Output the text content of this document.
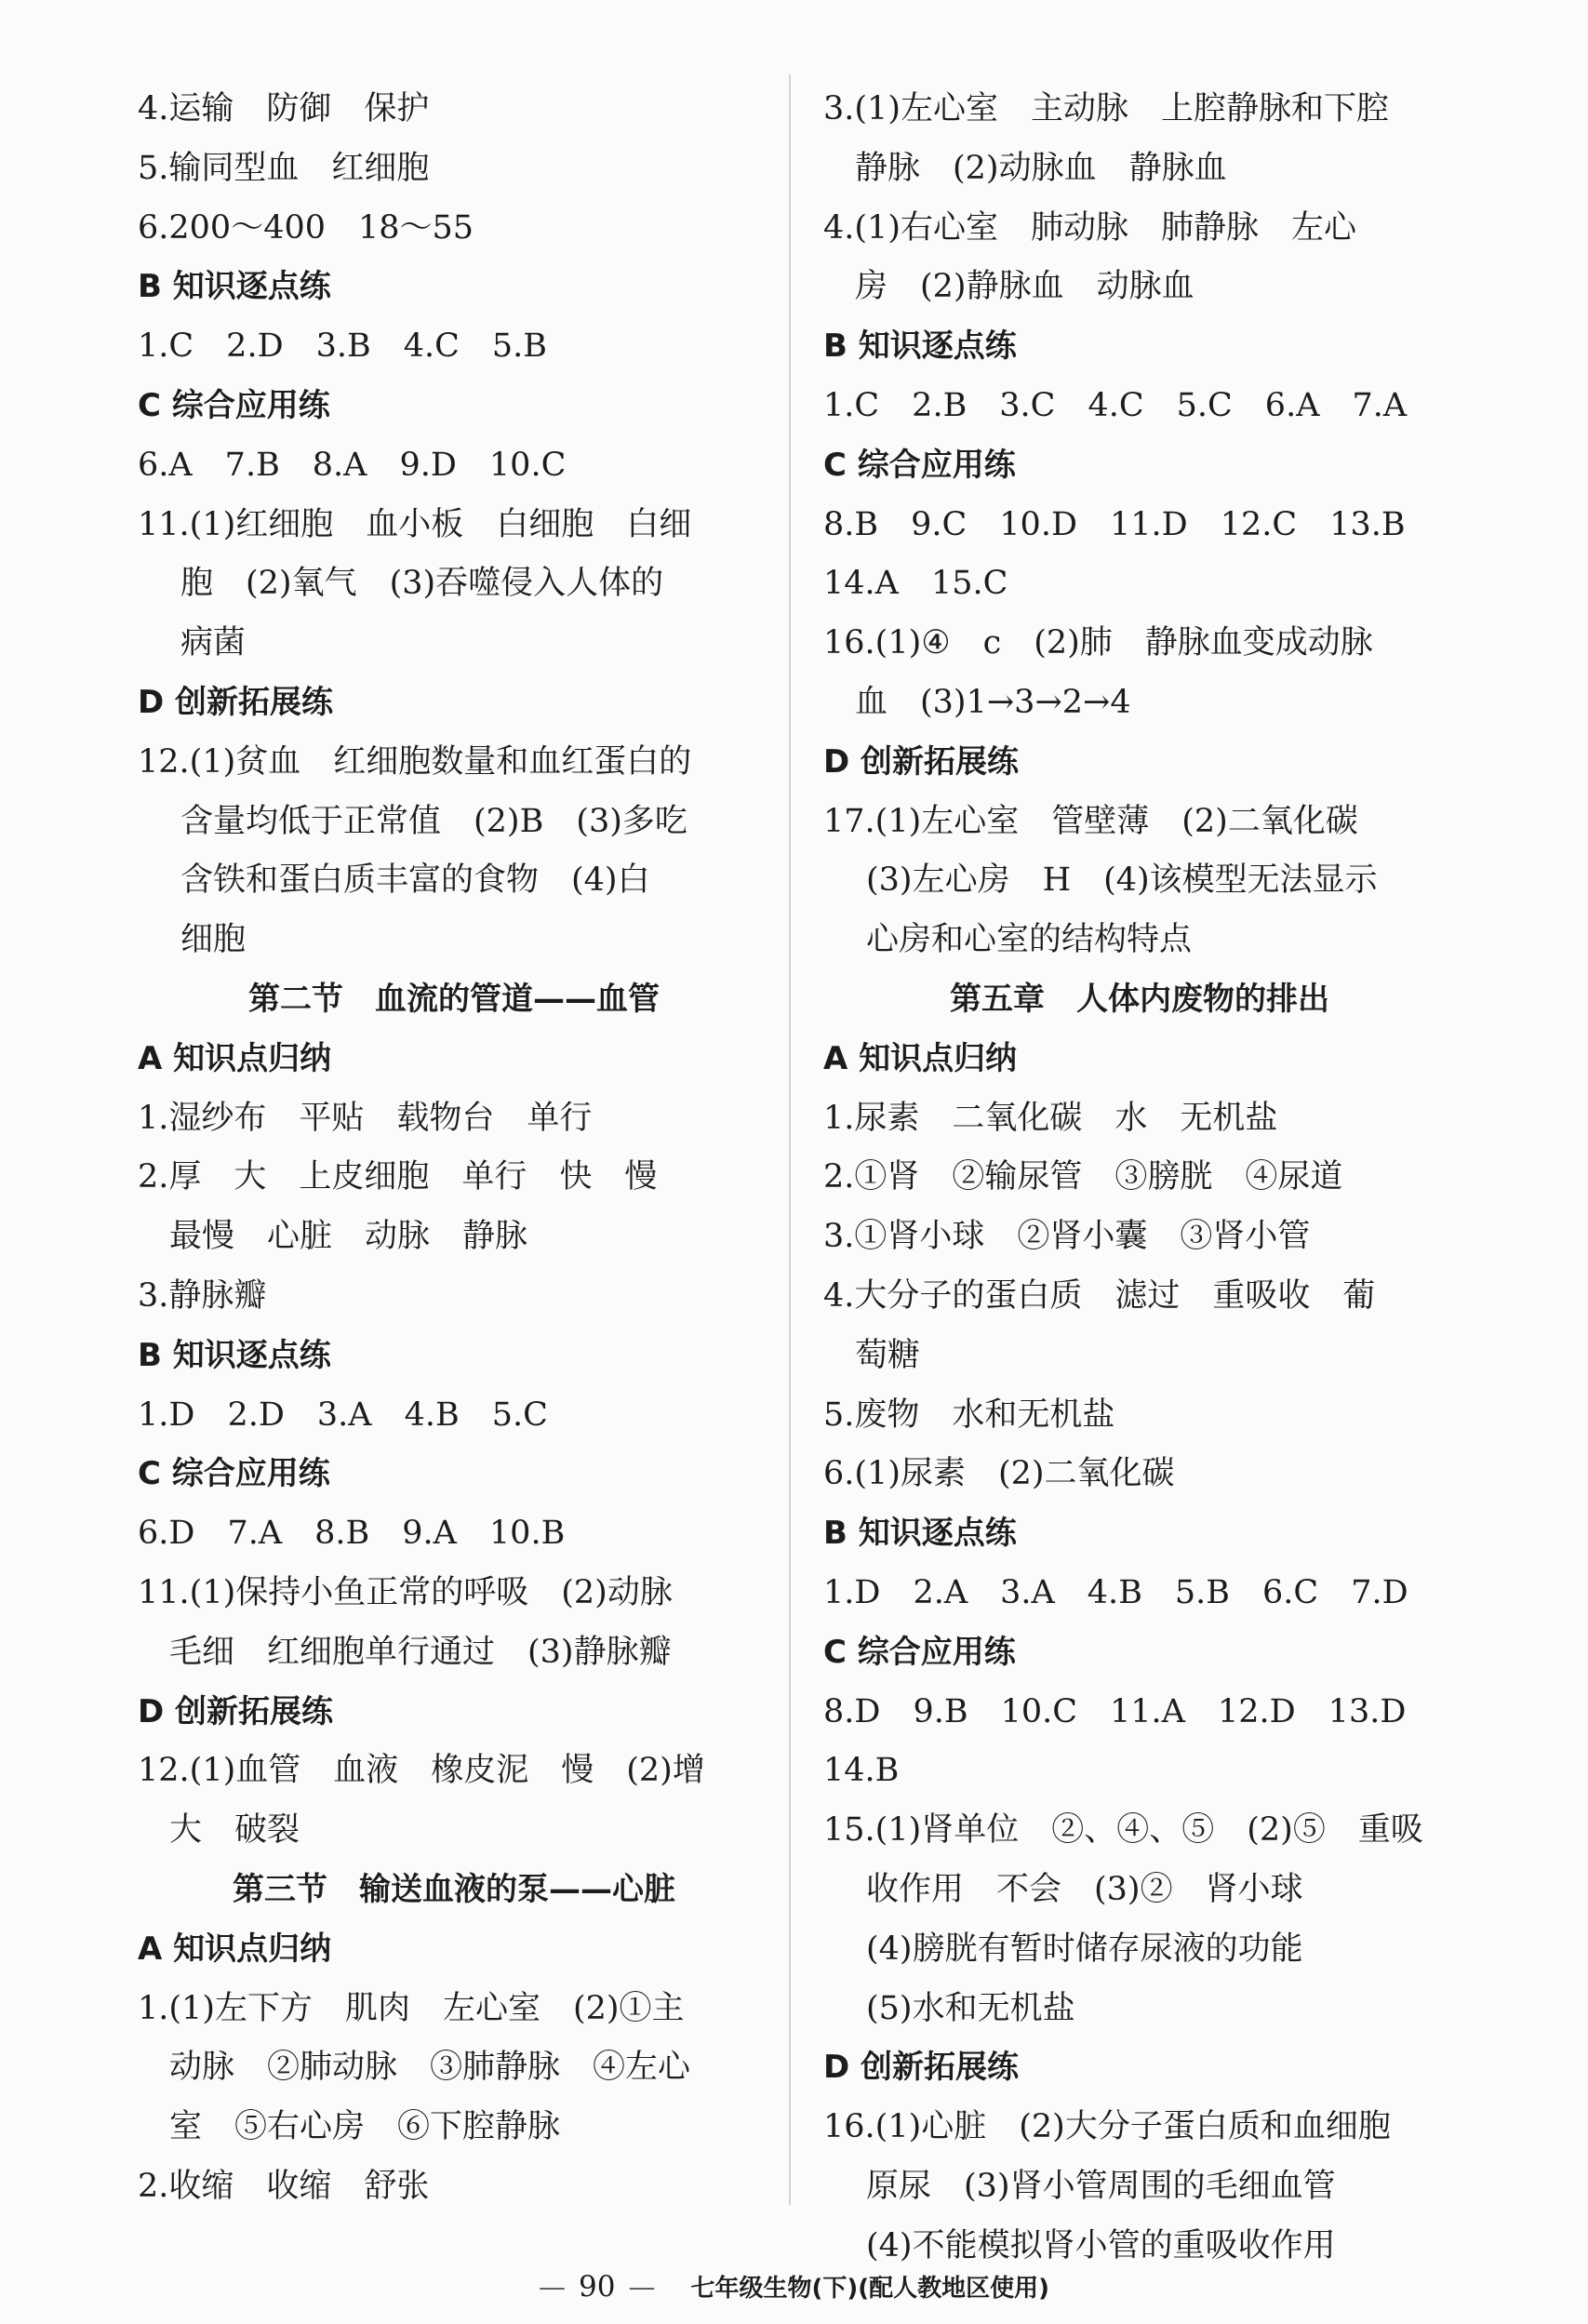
4.运输　防御　保护
5.输同型血　红细胞
6.200～400　18～55
B 知识逐点练
1.C　2.D　3.B　4.C　5.B
C 综合应用练
6.A　7.B　8.A　9.D　10.C
11.(1)红细胞　血小板　白细胞　白细
胞　(2)氧气　(3)吞噬侵入人体的
病菌
D 创新拓展练
12.(1)贫血　红细胞数量和血红蛋白的
含量均低于正常值　(2)B　(3)多吃
含铁和蛋白质丰富的食物　(4)白
细胞
第二节　血流的管道——血管
A 知识点归纳
1.湿纱布　平贴　载物台　单行
2.厚　大　上皮细胞　单行　快　慢
最慢　心脏　动脉　静脉
3.静脉瓣
B 知识逐点练
1.D　2.D　3.A　4.B　5.C
C 综合应用练
6.D　7.A　8.B　9.A　10.B
11.(1)保持小鱼正常的呼吸　(2)动脉
毛细　红细胞单行通过　(3)静脉瓣
D 创新拓展练
12.(1)血管　血液　橡皮泥　慢　(2)增
大　破裂
第三节　输送血液的泵——心脏
A 知识点归纳
1.(1)左下方　肌肉　左心室　(2)①主
动脉　②肺动脉　③肺静脉　④左心
室　⑤右心房　⑥下腔静脉
2.收缩　收缩　舒张
3.(1)左心室　主动脉　上腔静脉和下腔
静脉　(2)动脉血　静脉血
4.(1)右心室　肺动脉　肺静脉　左心
房　(2)静脉血　动脉血
B 知识逐点练
1.C　2.B　3.C　4.C　5.C　6.A　7.A
C 综合应用练
8.B　9.C　10.D　11.D　12.C　13.B
14.A　15.C
16.(1)④　c　(2)肺　静脉血变成动脉
血　(3)1→3→2→4
D 创新拓展练
17.(1)左心室　管壁薄　(2)二氧化碳
(3)左心房　H　(4)该模型无法显示
心房和心室的结构特点
第五章　人体内废物的排出
A 知识点归纳
1.尿素　二氧化碳　水　无机盐
2.①肾　②输尿管　③膀胱　④尿道
3.①肾小球　②肾小囊　③肾小管
4.大分子的蛋白质　滤过　重吸收　葡
萄糖
5.废物　水和无机盐
6.(1)尿素　(2)二氧化碳
B 知识逐点练
1.D　2.A　3.A　4.B　5.B　6.C　7.D
C 综合应用练
8.D　9.B　10.C　11.A　12.D　13.D
14.B
15.(1)肾单位　②、④、⑤　(2)⑤　重吸
收作用　不会　(3)②　肾小球
(4)膀胱有暂时储存尿液的功能
(5)水和无机盐
D 创新拓展练
16.(1)心脏　(2)大分子蛋白质和血细胞
原尿　(3)肾小管周围的毛细血管
(4)不能模拟肾小管的重吸收作用
— 90 — 七年级生物(下)(配人教地区使用)
